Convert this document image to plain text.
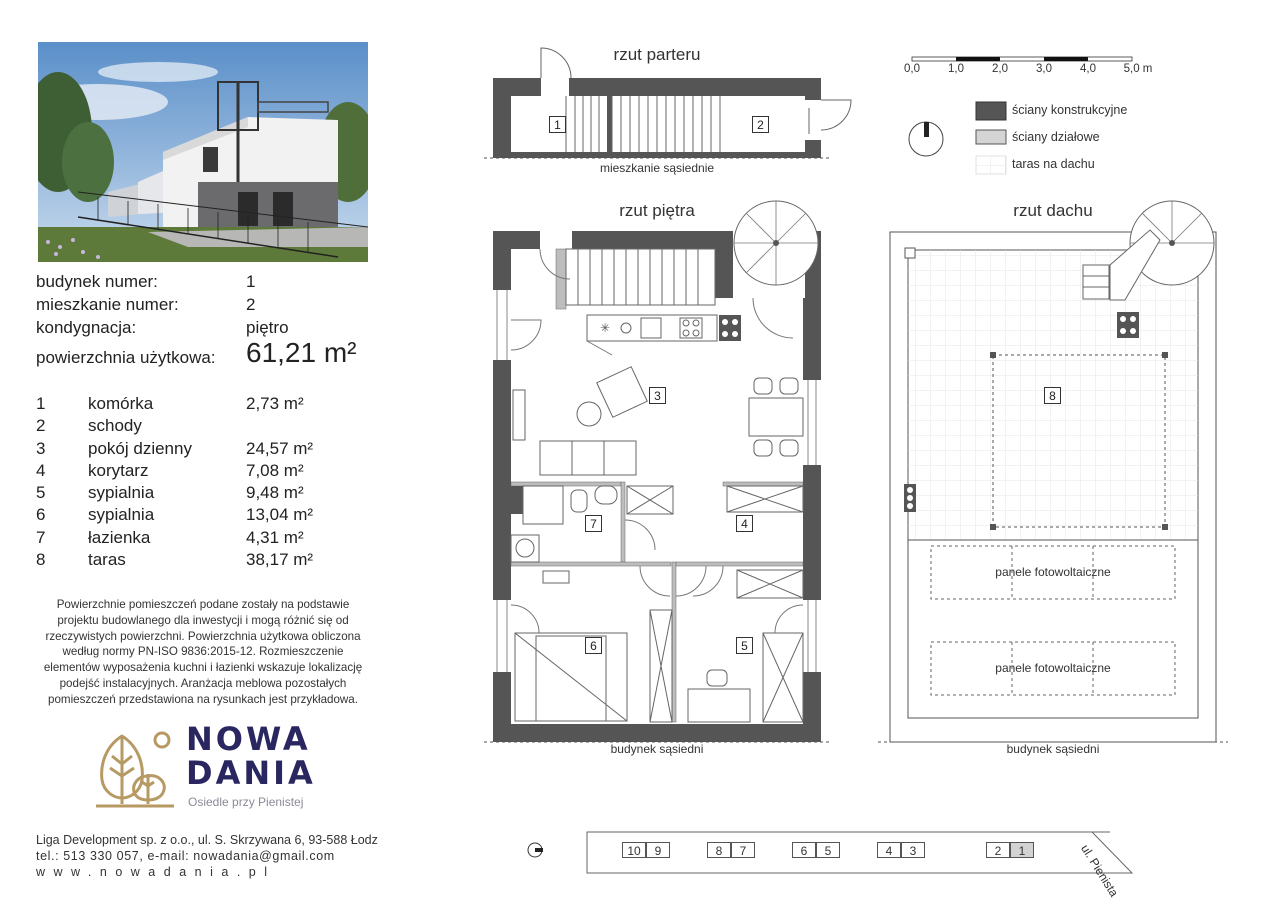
budynek numer:	1
mieszkanie numer:	2
kondygnacja:	piętro
powierzchnia użytkowa: 61,21 m²
1	komórka	2,73 m²
2	schody
3	pokój dzienny	24,57 m²
4	korytarz	7,08 m²
5	sypialnia	9,48 m²
6	sypialnia	13,04 m²
7	łazienka	4,31 m²
8	taras	38,17 m²
Powierzchnie pomieszczeń podane zostały na podstawie projektu budowlanego dla inwestycji i mogą różnić się od rzeczywistych powierzchni. Powierzchnia użytkowa obliczona według normy PN-ISO 9836:2015-12. Rozmieszczenie elementów wyposażenia kuchni i łazienki wskazuje lokalizację podejść instalacyjnych. Aranżacja meblowa pozostałych pomieszczeń przedstawiona na rysunkach jest przykładowa.
NOWA
DANIA
Osiedle przy Pienistej
Liga Development sp. z o.o., ul. S. Skrzywana 6, 93-588 Łodz
tel.: 513 330 057, e-mail: nowadania@gmail.com
www.nowadania.pl
rzut parteru
mieszkanie sąsiednie
rzut piętra
budynek sąsiedni
rzut dachu
budynek sąsiedni
✳
1	2
3
4
5
6
7
8
panele fotowoltaiczne
panele fotowoltaiczne
ściany konstrukcyjne
ściany działowe
taras na dachu
0,0 1,0 2,0 3,0 4,0 5,0 m
10	9	8	7	6	5	4	3	2	1	ul. Pienista
